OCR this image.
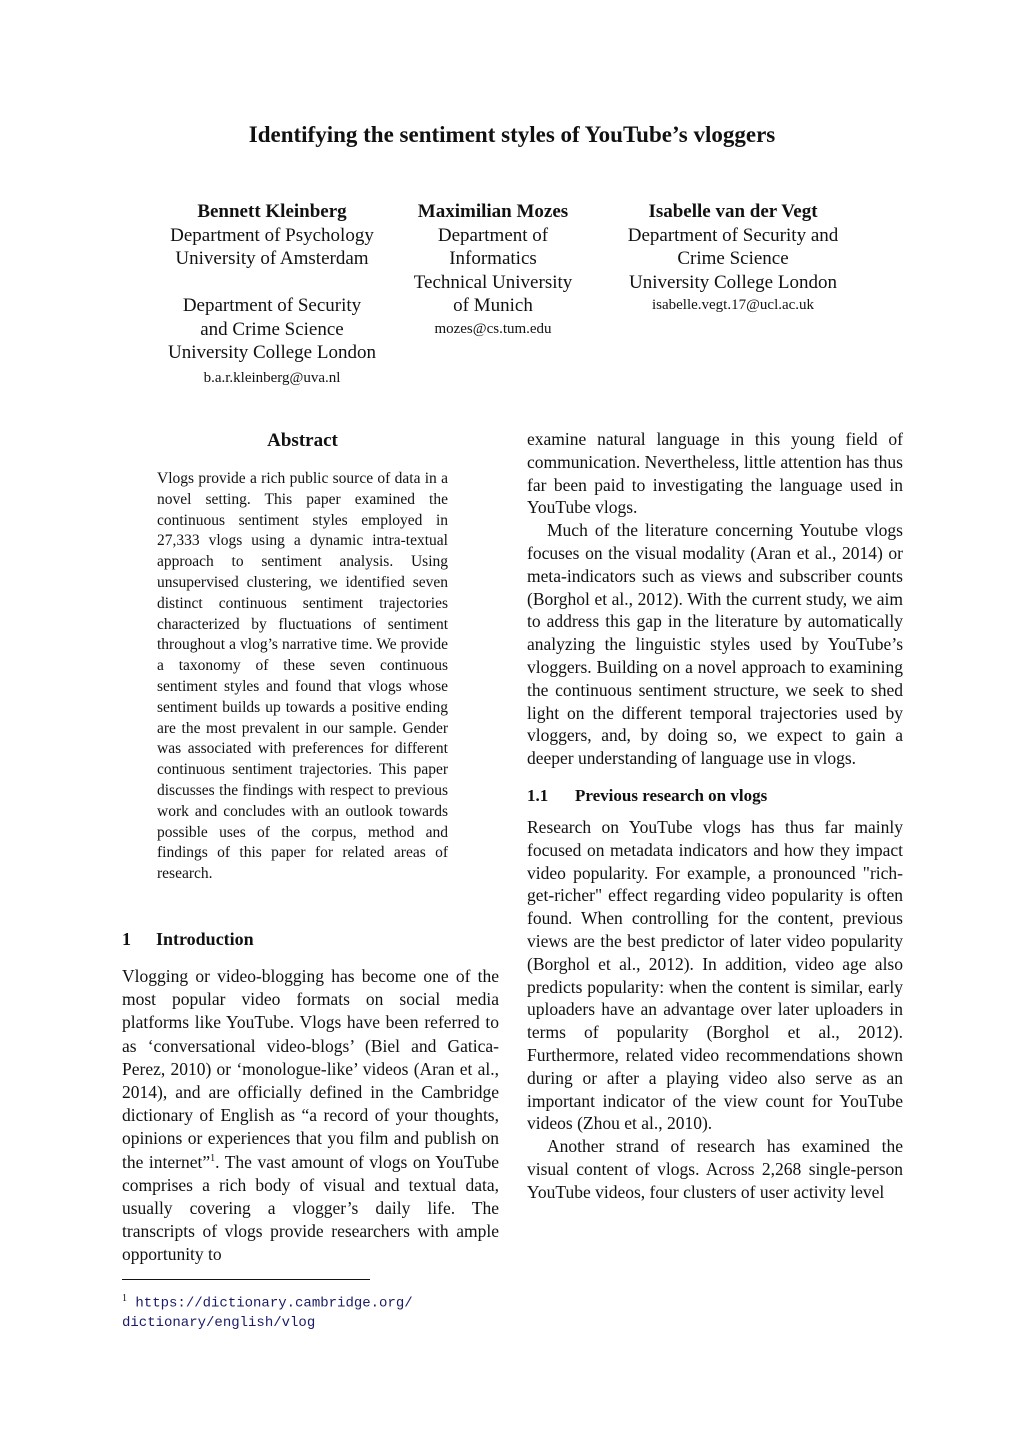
Identifying the sentiment styles of YouTube’s vloggers
Bennett Kleinberg
Department of Psychology
University of Amsterdam
Department of Security
and Crime Science
University College London
b.a.r.kleinberg@uva.nl
Maximilian Mozes
Department of
Informatics
Technical University
of Munich
mozes@cs.tum.edu
Isabelle van der Vegt
Department of Security and
Crime Science
University College London
isabelle.vegt.17@ucl.ac.uk
Abstract
Vlogs provide a rich public source of data in a novel setting. This paper examined the continuous sentiment styles employed in 27,333 vlogs using a dynamic intra-textual approach to sentiment analysis. Using unsupervised clustering, we identified seven distinct continuous sentiment trajectories characterized by fluctuations of sentiment throughout a vlog’s narrative time. We provide a taxonomy of these seven continuous sentiment styles and found that vlogs whose sentiment builds up towards a positive ending are the most prevalent in our sample. Gender was associated with preferences for different continuous sentiment trajectories. This paper discusses the findings with respect to previous work and concludes with an outlook towards possible uses of the corpus, method and findings of this paper for related areas of research.
1 Introduction

Vlogging or video-blogging has become one of the most popular video formats on social media platforms like YouTube. Vlogs have been referred to as ‘conversational video-blogs’ (Biel and Gatica-Perez, 2010) or ‘monologue-like’ videos (Aran et al., 2014), and are officially defined in the Cambridge dictionary of English as “a record of your thoughts, opinions or experiences that you film and publish on the internet”$^1$. The vast amount of vlogs on YouTube comprises a rich body of visual and textual data, usually covering a vlogger’s daily life. The transcripts of vlogs provide researchers with ample opportunity to

examine natural language in this young field of communication. Nevertheless, little attention has thus far been paid to investigating the language used in YouTube vlogs.

Much of the literature concerning Youtube vlogs focuses on the visual modality (Aran et al., 2014) or meta-indicators such as views and subscriber counts (Borghol et al., 2012). With the current study, we aim to address this gap in the literature by automatically analyzing the linguistic styles used by YouTube’s vloggers. Building on a novel approach to examining the continuous sentiment structure, we seek to shed light on the different temporal trajectories used by vloggers, and, by doing so, we expect to gain a deeper understanding of language use in vlogs.

1.1 Previous research on vlogs

Research on YouTube vlogs has thus far mainly focused on metadata indicators and how they impact video popularity. For example, a pronounced "rich-get-richer" effect regarding video popularity is often found. When controlling for the content, previous views are the best predictor of later video popularity (Borghol et al., 2012). In addition, video age also predicts popularity: when the content is similar, early uploaders have an advantage over later uploaders in terms of popularity (Borghol et al., 2012). Furthermore, related video recommendations shown during or after a playing video also serve as an important indicator of the view count for YouTube videos (Zhou et al., 2010).

Another strand of research has examined the visual content of vlogs. Across 2,268 single-person YouTube videos, four clusters of user activity level

$^1$ https://dictionary.cambridge.org/
dictionary/english/vlog
